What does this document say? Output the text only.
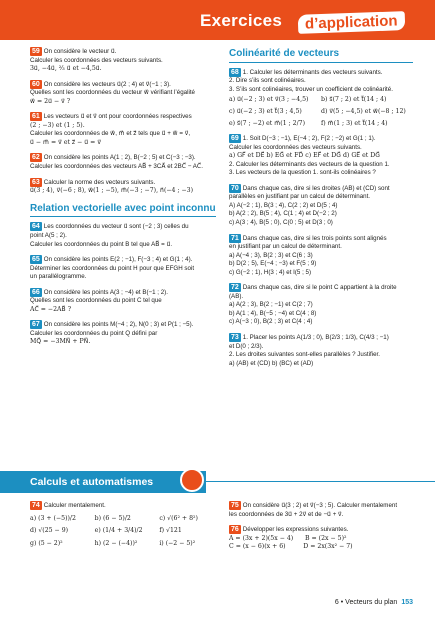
Exercices	d’application
59 On considère le vecteur u⃗.
Calculer les coordonnées des vecteurs suivants.
3u⃗, −4u⃗, ²⁄₃ u⃗ et −4,5u⃗.
60 On considère les vecteurs u⃗(2 ; 4) et v⃗(−1 ; 3).
Quelles sont les coordonnées du vecteur w⃗ vérifiant l’égalité
w⃗ = 2u⃗ − v⃗ ?
61 Les vecteurs u⃗ et v⃗ ont pour coordonnées respectives
(2 ; −3) et (1 ; 5).
Calculer les coordonnées de w⃗, m⃗ et z⃗ tels que u⃗ + w⃗ = v⃗,
u⃗ − m⃗ = v⃗ et z⃗ − u⃗ = v⃗
62 On considère les points A(1 ; 2), B(−2 ; 5) et C(−3 ; −3).
Calculer les coordonnées des vecteurs AB⃗ + 3CA⃗ et 2BC⃗ − AC⃗.
63 Calculer la norme des vecteurs suivants.
u⃗(3 ; 4), v⃗(−6 ; 8), w⃗(1 ; −5), m⃗(−3 ; −7), n⃗(−4 ; −3)
Relation vectorielle avec point inconnu
64 Les coordonnées du vecteur u⃗ sont (−2 ; 3) celles du
point A(5 ; 2).
Calculer les coordonnées du point B tel que AB⃗ = u⃗.
65 On considère les points E(2 ; −1), F(−3 ; 4) et G(1 ; 4).
Déterminer les coordonnées du point H pour que EFGH soit
un parallélogramme.
66 On considère les points A(3 ; −4) et B(−1 ; 2).
Quelles sont les coordonnées du point C tel que
AC⃗ = −2AB⃗ ?
67 On considère les points M(−4 ; 2), N(0 ; 3) et P(1 ; −5).
Calculer les coordonnées du point Q défini par
MQ⃗ = −3MN⃗ + PN⃗.
Colinéarité de vecteurs
68 1. Calculer les déterminants des vecteurs suivants.
2. Dire s’ils sont colinéaires.
3. S’ils sont colinéaires, trouver un coefficient de colinéarité.
a) u⃗(−2 ; 3) et v⃗(3 ; −4,5)	b) s⃗(7 ; 2) et t⃗(14 ; 4)
c) u⃗(−2 ; 3) et t⃗(3 ; 4,5)	d) v⃗(5 ; −4,5) et w⃗(−8 ; 12)
e) s⃗(7 ; −2) et m⃗(1 ; 2/7)	f) m⃗(1 ; 3) et t⃗(14 ; 4)
69 1. Soit D(−3 ; −1), E(−4 ; 2), F(2 ; −2) et G(1 ; 1).
Calculer les coordonnées des vecteurs suivants.
a) GF⃗ et DE⃗ b) EG⃗ et FD⃗ c) EF⃗ et DG⃗ d) GE⃗ et DG⃗
2. Calculer les déterminants des vecteurs de la question 1.
3. Les vecteurs de la question 1. sont-ils colinéaires ?
70 Dans chaque cas, dire si les droites (AB) et (CD) sont
parallèles en justifiant par un calcul de déterminant.
A) A(−2 ; 1), B(3 ; 4), C(2 ; 2) et D(5 ; 4)
b) A(2 ; 2), B(5 ; 4), C(1 ; 4) et D(−2 ; 2)
c) A(3 ; 4), B(5 ; 0), C(0 ; 5) et D(3 ; 0)
71 Dans chaque cas, dire si les trois points sont alignés
en justifiant par un calcul de déterminant.
a) A(−4 ; 3), B(2 ; 3) et C(6 ; 3)
b) D(2 ; 5), E(−4 ; −3) et F(5 ; 9)
c) G(−2 ; 1), H(3 ; 4) et I(5 ; 5)
72 Dans chaque cas, dire si le point C appartient à la droite
(AB).
a) A(2 ; 3), B(2 ; −1) et C(2 ; 7)
b) A(1 ; 4), B(−5 ; −4) et C(4 ; 8)
c) A(−3 ; 0), B(2 ; 3) et C(4 ; 4)
73 1. Placer les points A(1/3 ; 0), B(2/3 ; 1/3), C(4/3 ; −1)
et D(0 ; 2/3).
2. Les droites suivantes sont-elles parallèles ? Justifier.
a) (AB) et (CD) b) (BC) et (AD)
Calculs et automatismes
74 Calculer mentalement.
a) (3 + (−5))/2	b) (6 − 5)/2	c) √(6² + 8²)
d) √(25 − 9)	e) (1/4 + 3/4)/2	f) √121
g) (5 − 2)²	h) (2 − (−4))²	i) (−2 − 5)²
75 On considère u⃗(3 ; 2) et v⃗(−3 ; 5). Calculer mentalement
les coordonnées de 3u⃗ + 2v⃗ et de −u⃗ + v⃗.
76 Développer les expressions suivantes.
A = (3x + 2)(5x − 4)      B = (2x − 5)²
C = (x − 6)(x + 6)         D = 2x(3x² − 7)
6 • Vecteurs du plan 153
